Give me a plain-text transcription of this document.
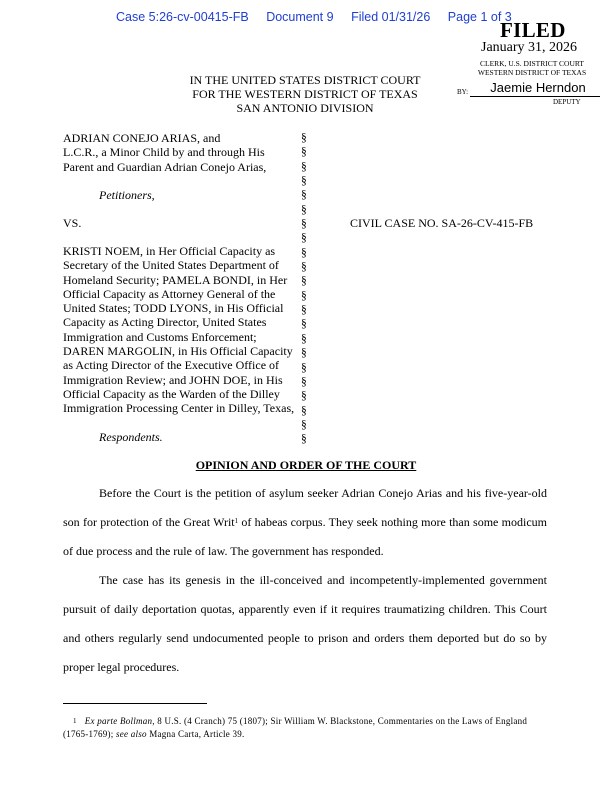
Case 5:26-cv-00415-FB Document 9 Filed 01/31/26 Page 1 of 3
FILED
January 31, 2026
CLERK, U.S. DISTRICT COURT
WESTERN DISTRICT OF TEXAS
BY:	Jaemie Herndon
DEPUTY
IN THE UNITED STATES DISTRICT COURT
FOR THE WESTERN DISTRICT OF TEXAS
SAN ANTONIO DIVISION
ADRIAN CONEJO ARIAS, and
L.C.R., a Minor Child by and through His
Parent and Guardian Adrian Conejo Arias,
Petitioners,
VS.
KRISTI NOEM, in Her Official Capacity as
Secretary of the United States Department of
Homeland Security; PAMELA BONDI, in Her
Official Capacity as Attorney General of the
United States; TODD LYONS, in His Official
Capacity as Acting Director, United States
Immigration and Customs Enforcement;
DAREN MARGOLIN, in His Official Capacity
as Acting Director of the Executive Office of
Immigration Review; and JOHN DOE, in His
Official Capacity as the Warden of the Dilley
Immigration Processing Center in Dilley, Texas,
Respondents.
§
§
§
§
§
§
§
§
§
§
§
§
§
§
§
§
§
§
§
§
§
§
CIVIL CASE NO. SA-26-CV-415-FB
OPINION AND ORDER OF THE COURT

Before the Court is the petition of asylum seeker Adrian Conejo Arias and his five-year-old son for protection of the Great Writ$^1$ of habeas corpus. They seek nothing more than some modicum of due process and the rule of law. The government has responded.

The case has its genesis in the ill-conceived and incompetently-implemented government pursuit of daily deportation quotas, apparently even if it requires traumatizing children. This Court and others regularly send undocumented people to prison and orders them deported but do so by proper legal procedures.

$^1$ Ex parte Bollman, 8 U.S. (4 Cranch) 75 (1807); Sir William W. Blackstone, Commentaries on the Laws of England (1765-1769); see also Magna Carta, Article 39.
